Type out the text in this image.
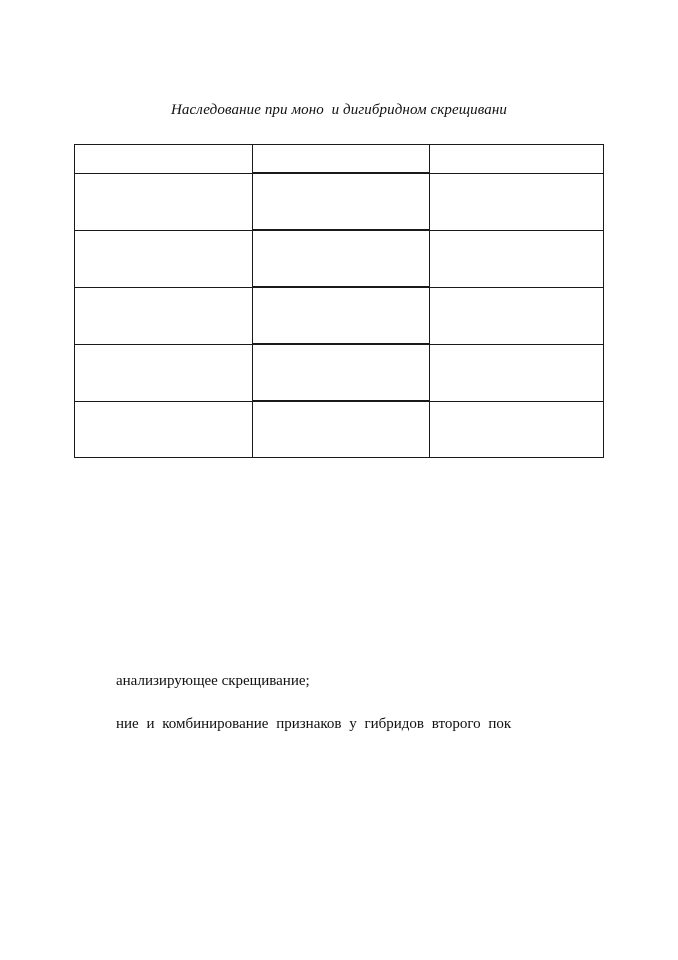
Наследование при моно  и дигибридном скрещивани

анализирующее скрещивание;
ние и комбинирование признаков у гибридов второго пок
